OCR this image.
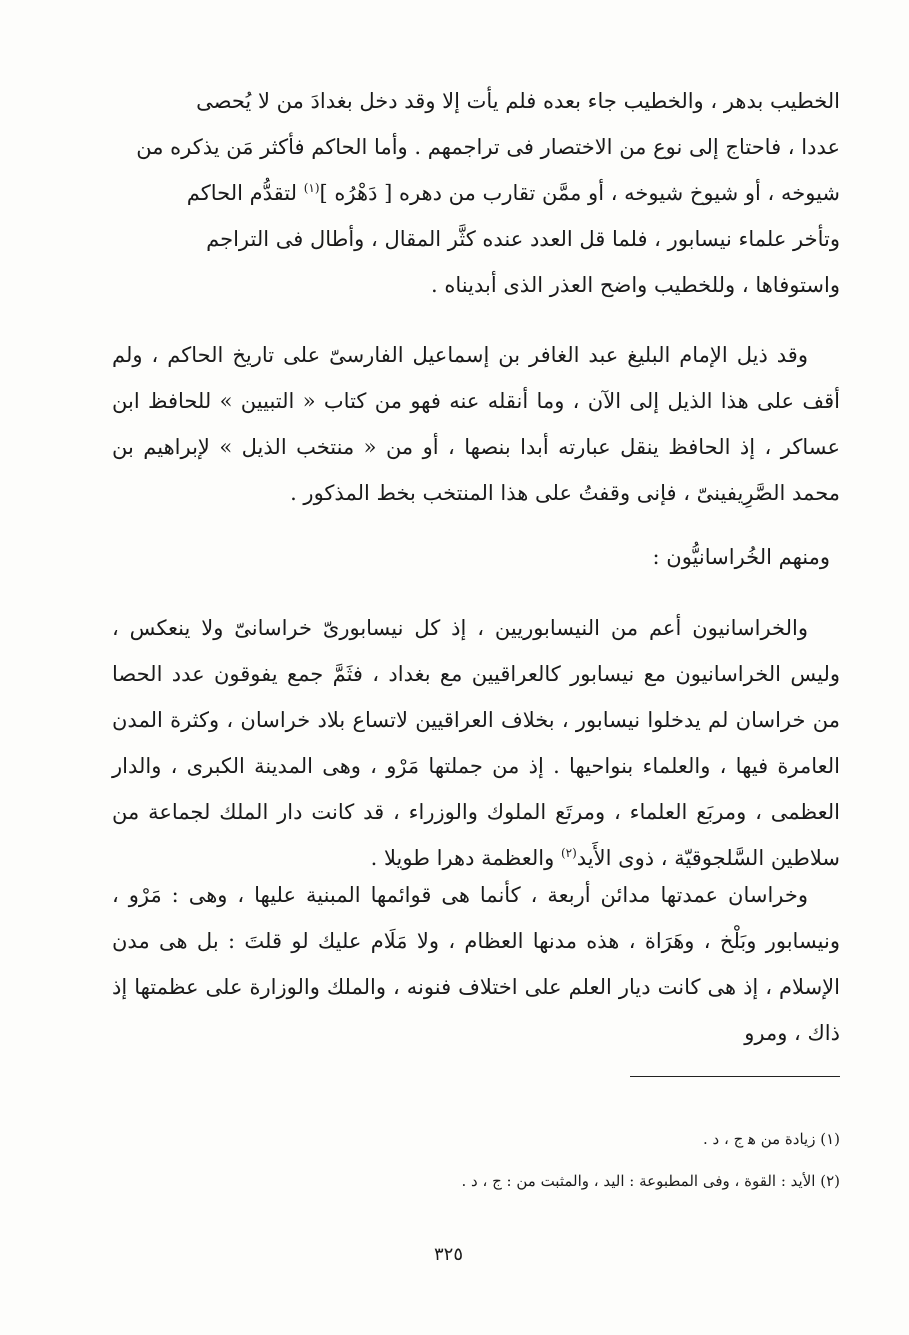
الخطيب بدهر ، والخطيب جاء بعده فلم يأت إلا وقد دخل بغدادَ من لا يُحصى
عددا ، فاحتاج إلى نوع من الاختصار فى تراجمهم . وأما الحاكم فأكثر مَن يذكره من
شيوخه ، أو شيوخ شيوخه ، أو ممَّن تقارب من دهره [ دَهْرُه ]$^{(١)}$ لتقدُّم الحاكم
وتأخر علماء نيسابور ، فلما قل العدد عنده كثَّر المقال ، وأطال فى التراجم
واستوفاها ، وللخطيب واضح العذر الذى أبديناه .

وقد ذيل الإمام البليغ عبد الغافر بن إسماعيل الفارسىّ على تاريخ الحاكم ، ولم أقف على هذا الذيل إلى الآن ، وما أنقله عنه فهو من كتاب « التبيين » للحافظ ابن عساكر ، إذ الحافظ ينقل عبارته أبدا بنصها ، أو من « منتخب الذيل » لإبراهيم بن محمد الصَّرِيفينىّ ، فإنى وقفتُ على هذا المنتخب بخط المذكور .

ومنهم الخُراسانيُّون :

والخراسانيون أعم من النيسابوريين ، إذ كل نيسابورىّ خراسانىّ ولا ينعكس ، وليس الخراسانيون مع نيسابور كالعراقيين مع بغداد ، فثَمَّ جمع يفوقون عدد الحصا من خراسان لم يدخلوا نيسابور ، بخلاف العراقيين لاتساع بلاد خراسان ، وكثرة المدن العامرة فيها ، والعلماء بنواحيها . إذ من جملتها مَرْو ، وهى المدينة الكبرى ، والدار العظمى ، ومربَع العلماء ، ومرتَع الملوك والوزراء ، قد كانت دار الملك لجماعة من سلاطين السَّلجوقيّة ، ذوى الأَيد$^{(٢)}$ والعظمة دهرا طويلا .

وخراسان عمدتها مدائن أربعة ، كأنما هى قوائمها المبنية عليها ، وهى : مَرْو ، ونيسابور وبَلْخ ، وهَرَاة ، هذه مدنها العظام ، ولا مَلَام عليك لو قلتَ : بل هى مدن الإسلام ، إذ هى كانت ديار العلم على اختلاف فنونه ، والملك والوزارة على عظمتها إذ ذاك ، ومرو

(١) زيادة من ﻫ ج ، د .

(٢) الأيد : القوة ، وفى المطبوعة : اليد ، والمثبت من : ج ، د .

٣٢٥
